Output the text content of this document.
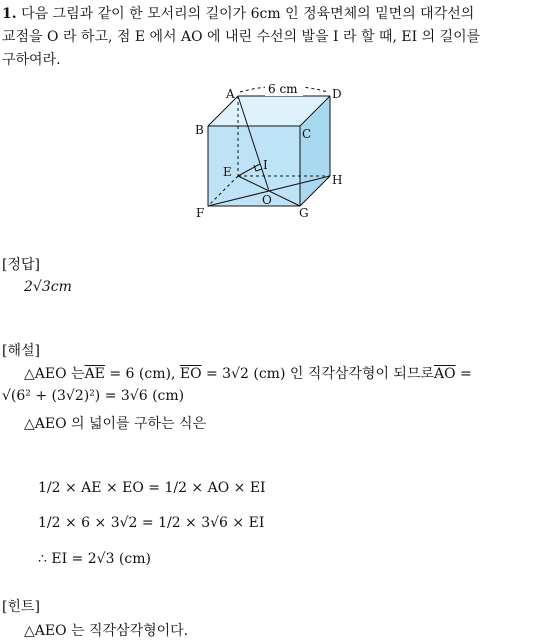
1. 다음 그림과 같이 한 모서리의 길이가 6cm 인 정육면체의 밑면의 대각선의
교점을 O 라 하고, 점 E 에서 AO 에 내린 수선의 발을 I 라 할 때, EI 의 길이를
구하여라.
6 cm
A
B	C
D
E
F	G
H
O
I
[정답]
2√3cm
[해설]
△AEO 는$\overline{AE} = 6$ (cm), $\overline{EO} = 3√2$ (cm) 인 직각삼각형이 되므로$\overline{AO}$ =
√(6² + (3√2)²) = 3√6 (cm)
△AEO 의 넓이를 구하는 식은
1/2 × AE × EO = 1/2 × AO × EI
1/2 × 6 × 3√2 = 1/2 × 3√6 × EI
∴ EI = 2√3 (cm)
[힌트]
△AEO 는 직각삼각형이다.
